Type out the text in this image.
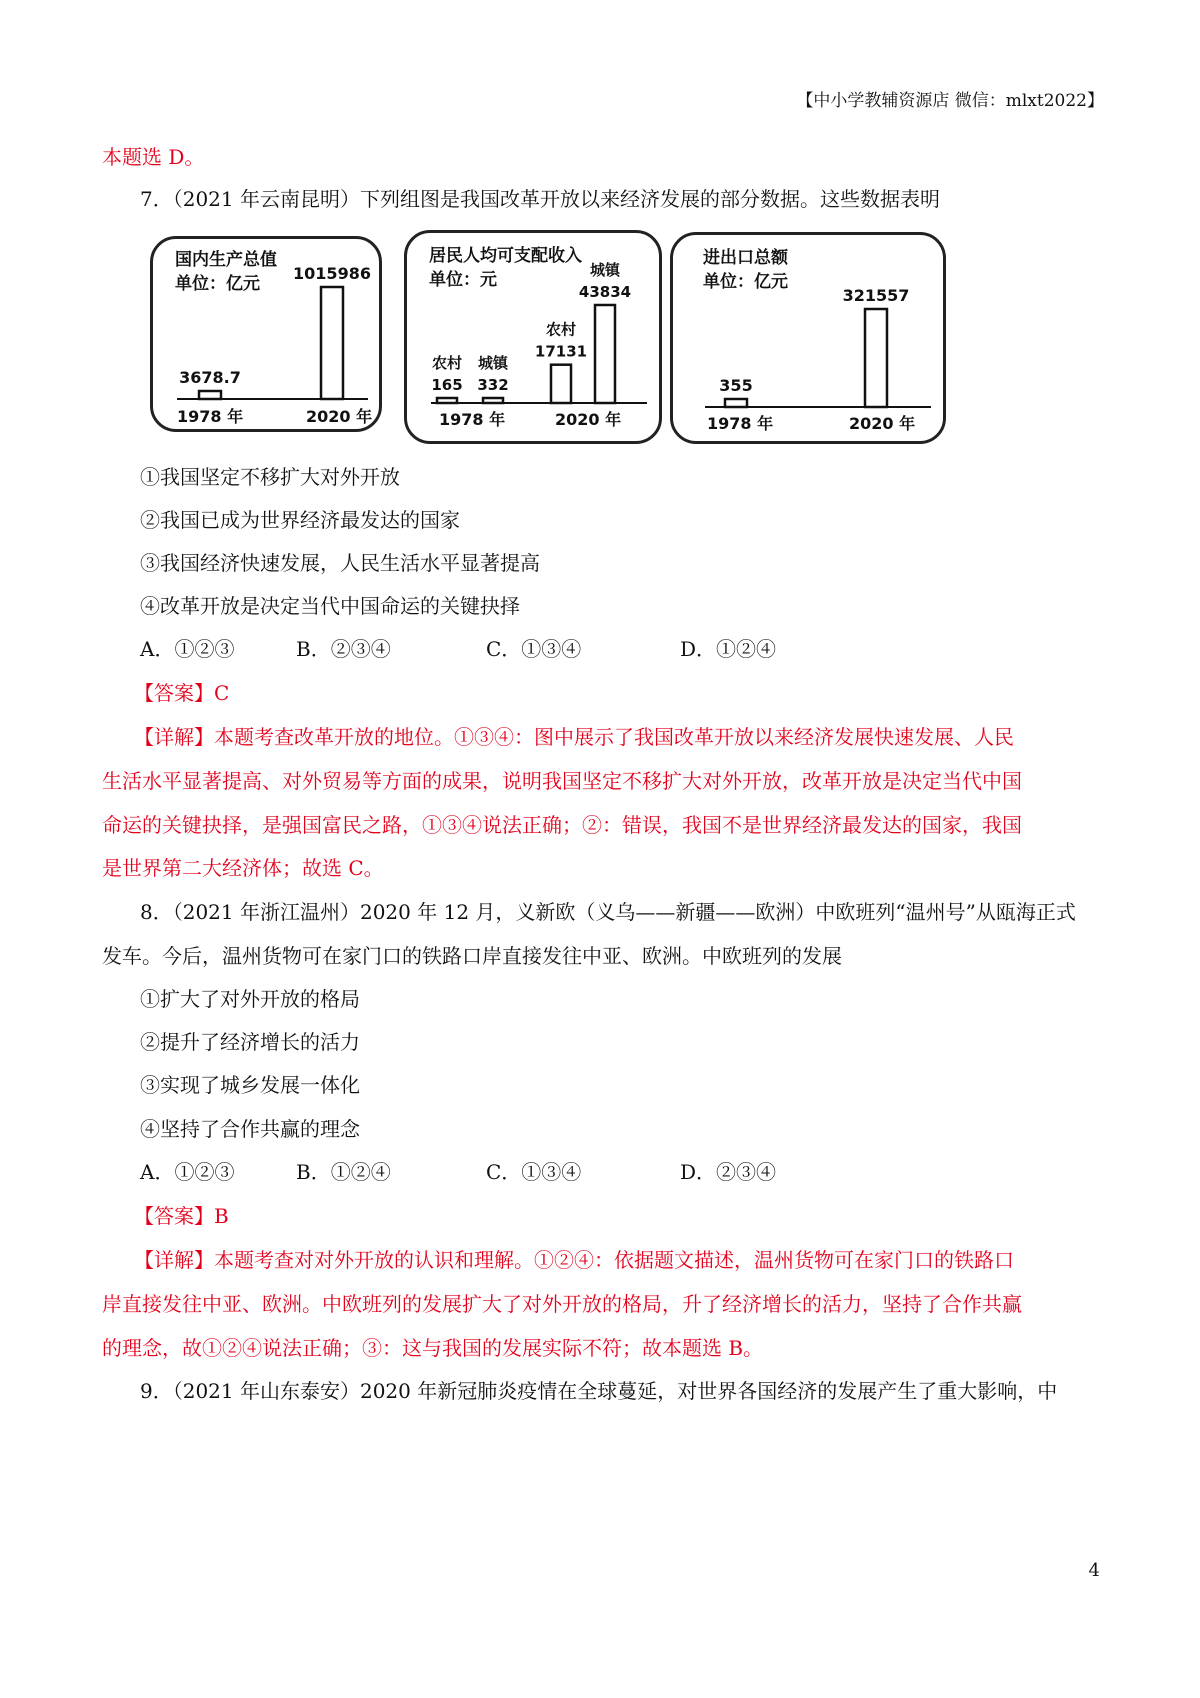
【中小学教辅资源店 微信：mlxt2022】
本题选 D。
7．（2021 年云南昆明）下列组图是我国改革开放以来经济发展的部分数据。这些数据表明
国内生产总值
单位：亿元
3678.7
1015986
1978 年	2020 年
居民人均可支配收入
单位：元
165
农村
332
城镇
17131
农村
43834
城镇
1978 年	2020 年
进出口总额
单位：亿元
355
321557
1978 年	2020 年
①我国坚定不移扩大对外开放
②我国已成为世界经济最发达的国家
③我国经济快速发展，人民生活水平显著提高
④改革开放是决定当代中国命运的关键抉择
A．①②③	B．②③④	C．①③④	D．①②④
【答案】C
【详解】本题考查改革开放的地位。①③④：图中展示了我国改革开放以来经济发展快速发展、人民
生活水平显著提高、对外贸易等方面的成果，说明我国坚定不移扩大对外开放，改革开放是决定当代中国
命运的关键抉择，是强国富民之路，①③④说法正确；②：错误，我国不是世界经济最发达的国家，我国
是世界第二大经济体；故选 C。
8．（2021 年浙江温州）2020 年 12 月，义新欧（义乌——新疆——欧洲）中欧班列“温州号”从瓯海正式
发车。今后，温州货物可在家门口的铁路口岸直接发往中亚、欧洲。中欧班列的发展
①扩大了对外开放的格局
②提升了经济增长的活力
③实现了城乡发展一体化
④坚持了合作共赢的理念
A．①②③	B．①②④	C．①③④	D．②③④
【答案】B
【详解】本题考查对对外开放的认识和理解。①②④：依据题文描述，温州货物可在家门口的铁路口
岸直接发往中亚、欧洲。中欧班列的发展扩大了对外开放的格局，升了经济增长的活力，坚持了合作共赢
的理念，故①②④说法正确；③：这与我国的发展实际不符；故本题选 B。
9．（2021 年山东泰安）2020 年新冠肺炎疫情在全球蔓延，对世界各国经济的发展产生了重大影响，中
4
